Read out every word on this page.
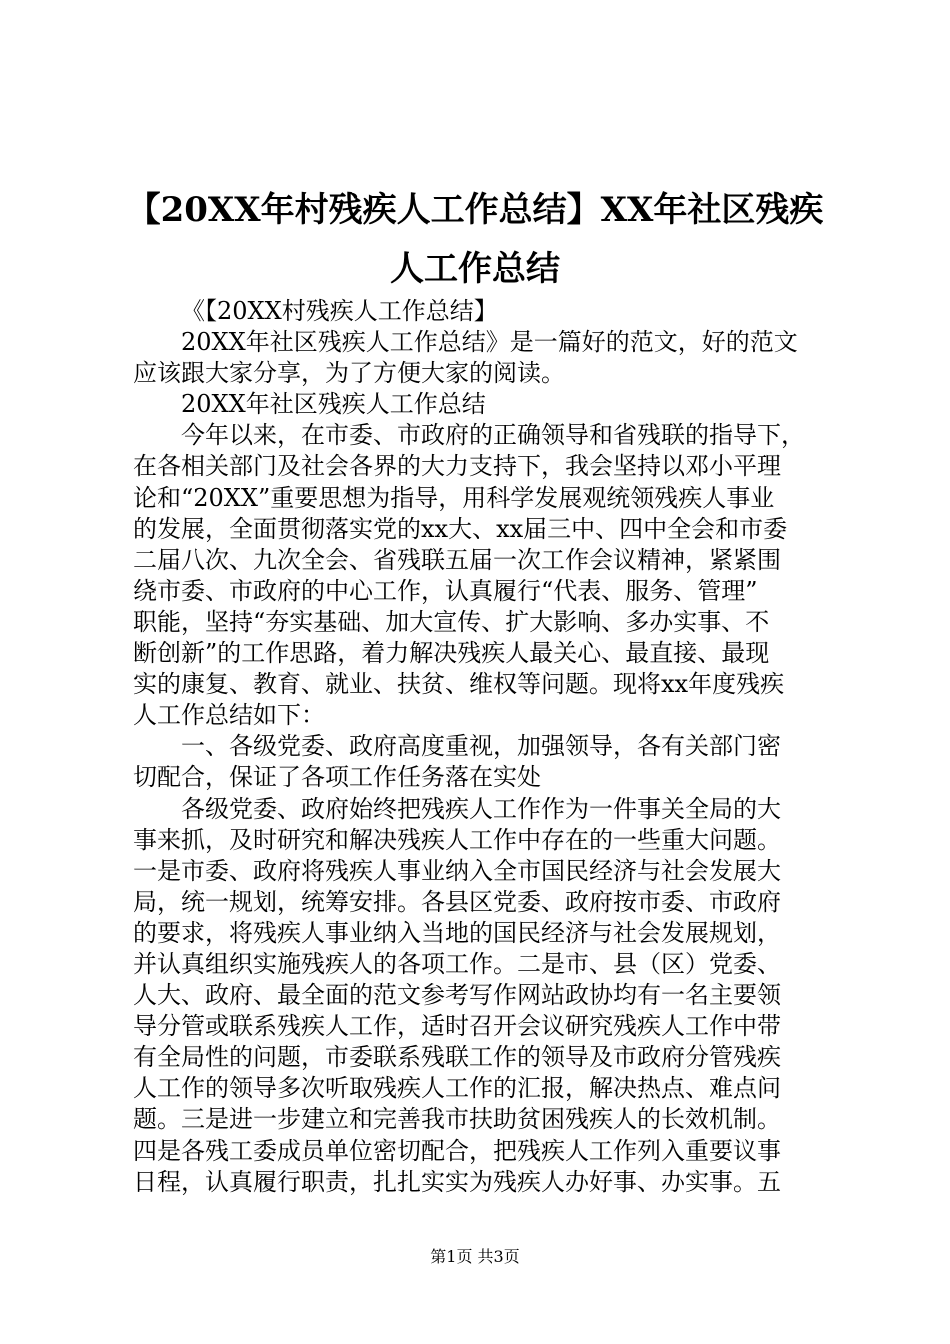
【20XX年村残疾人工作总结】XX年社区残疾
人工作总结
《【20XX村残疾人工作总结】
20XX年社区残疾人工作总结》是一篇好的范文，好的范文
应该跟大家分享，为了方便大家的阅读。
20XX年社区残疾人工作总结
今年以来，在市委、市政府的正确领导和省残联的指导下，
在各相关部门及社会各界的大力支持下，我会坚持以邓小平理
论和“20XX”重要思想为指导，用科学发展观统领残疾人事业
的发展，全面贯彻落实党的xx大、xx届三中、四中全会和市委
二届八次、九次全会、省残联五届一次工作会议精神，紧紧围
绕市委、市政府的中心工作，认真履行“代表、服务、管理”
职能，坚持“夯实基础、加大宣传、扩大影响、多办实事、不
断创新”的工作思路，着力解决残疾人最关心、最直接、最现
实的康复、教育、就业、扶贫、维权等问题。现将xx年度残疾
人工作总结如下：
一、各级党委、政府高度重视，加强领导，各有关部门密
切配合，保证了各项工作任务落在实处
各级党委、政府始终把残疾人工作作为一件事关全局的大
事来抓，及时研究和解决残疾人工作中存在的一些重大问题。
一是市委、政府将残疾人事业纳入全市国民经济与社会发展大
局，统一规划，统筹安排。各县区党委、政府按市委、市政府
的要求，将残疾人事业纳入当地的国民经济与社会发展规划，
并认真组织实施残疾人的各项工作。二是市、县（区）党委、
人大、政府、最全面的范文参考写作网站政协均有一名主要领
导分管或联系残疾人工作，适时召开会议研究残疾人工作中带
有全局性的问题，市委联系残联工作的领导及市政府分管残疾
人工作的领导多次听取残疾人工作的汇报，解决热点、难点问
题。三是进一步建立和完善我市扶助贫困残疾人的长效机制。
四是各残工委成员单位密切配合，把残疾人工作列入重要议事
日程，认真履行职责，扎扎实实为残疾人办好事、办实事。五
第1页 共3页
